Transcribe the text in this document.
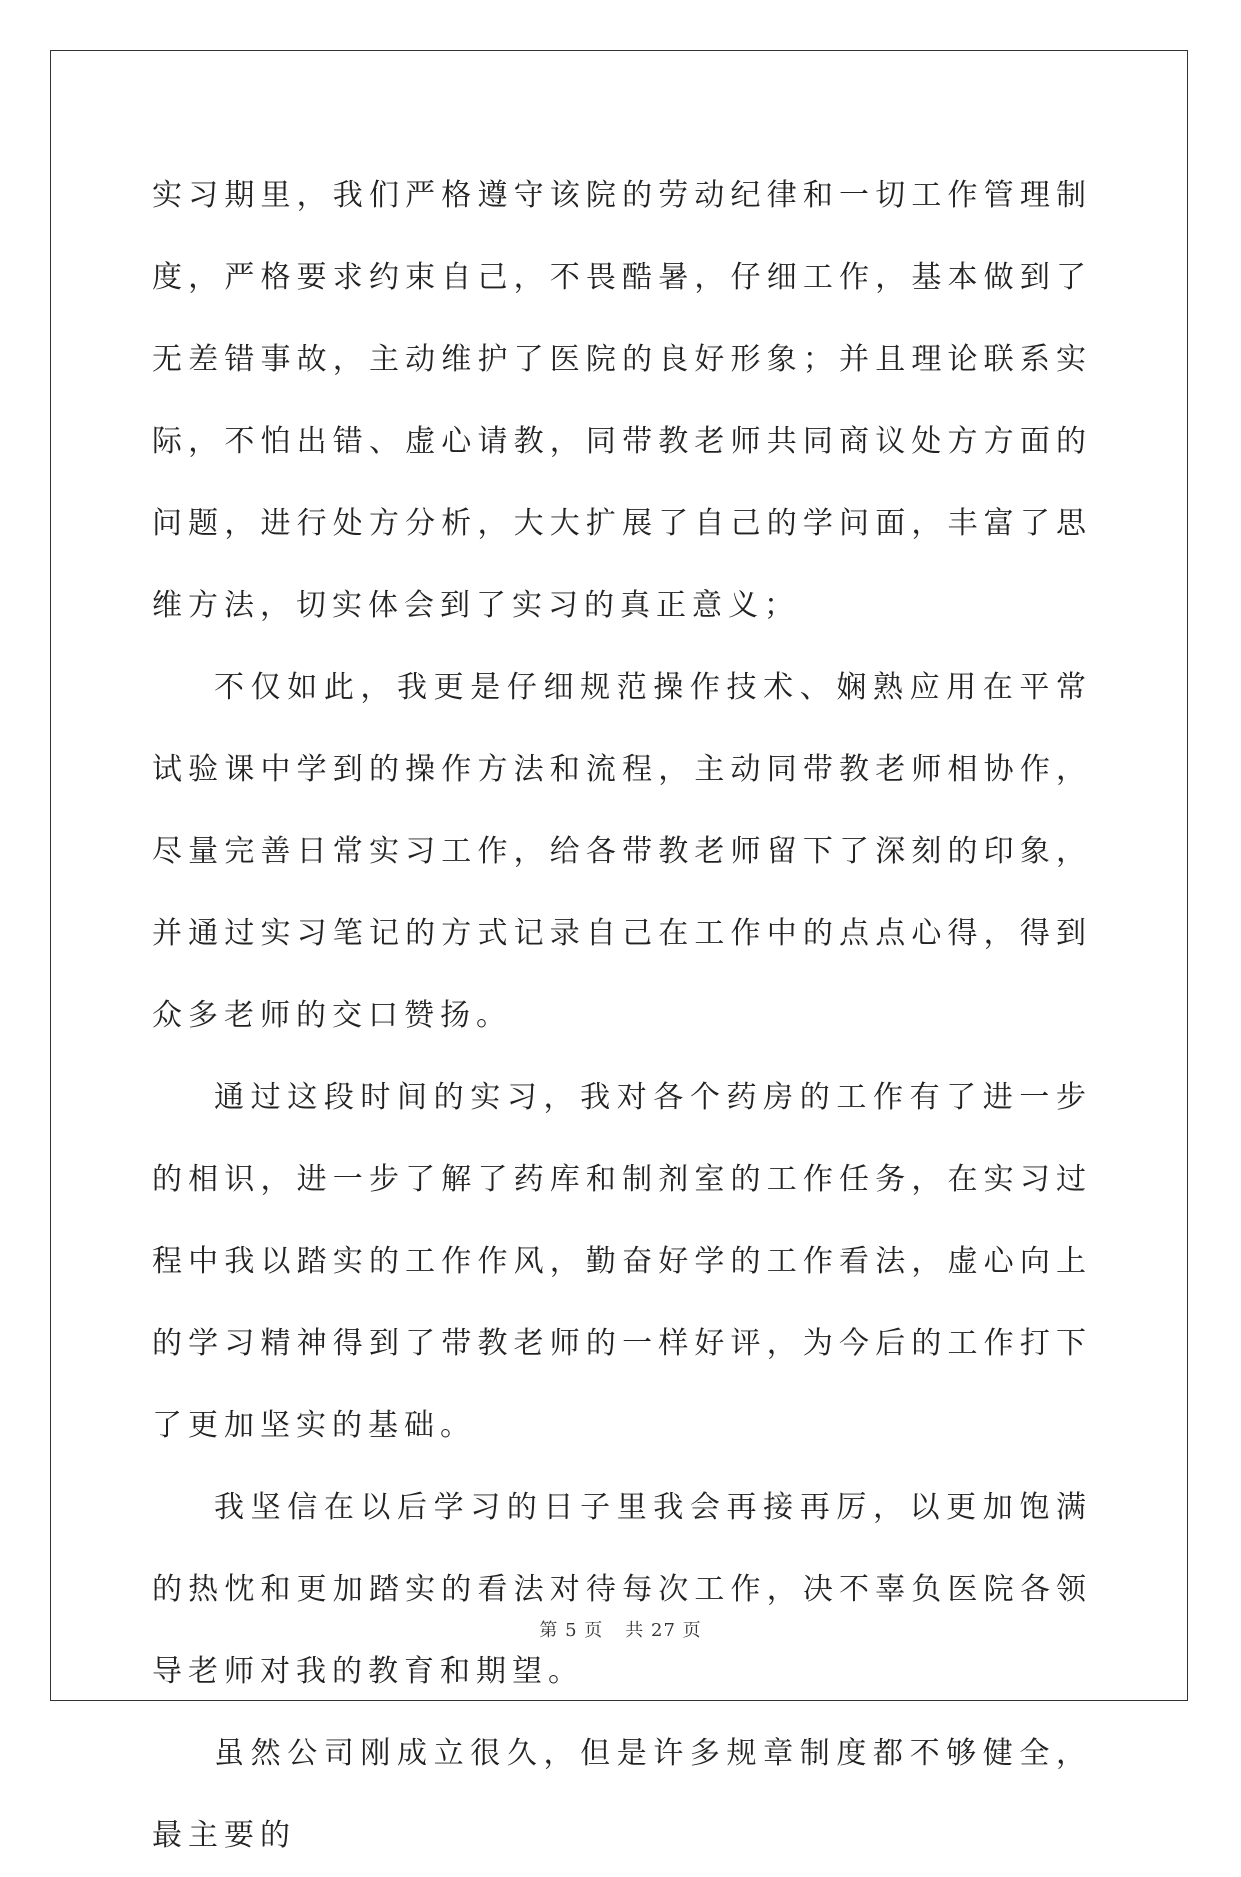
实习期里，我们严格遵守该院的劳动纪律和一切工作管理制度，严格要求约束自己，不畏酷暑，仔细工作，基本做到了无差错事故，主动维护了医院的良好形象；并且理论联系实际，不怕出错、虚心请教，同带教老师共同商议处方方面的问题，进行处方分析，大大扩展了自己的学问面，丰富了思维方法，切实体会到了实习的真正意义；

不仅如此，我更是仔细规范操作技术、娴熟应用在平常试验课中学到的操作方法和流程，主动同带教老师相协作，尽量完善日常实习工作，给各带教老师留下了深刻的印象，并通过实习笔记的方式记录自己在工作中的点点心得，得到众多老师的交口赞扬。

通过这段时间的实习，我对各个药房的工作有了进一步的相识，进一步了解了药库和制剂室的工作任务，在实习过程中我以踏实的工作作风，勤奋好学的工作看法，虚心向上的学习精神得到了带教老师的一样好评，为今后的工作打下了更加坚实的基础。

我坚信在以后学习的日子里我会再接再厉，以更加饱满的热忱和更加踏实的看法对待每次工作，决不辜负医院各领导老师对我的教育和期望。

虽然公司刚成立很久，但是许多规章制度都不够健全，最主要的

第 5 页 共 27 页
